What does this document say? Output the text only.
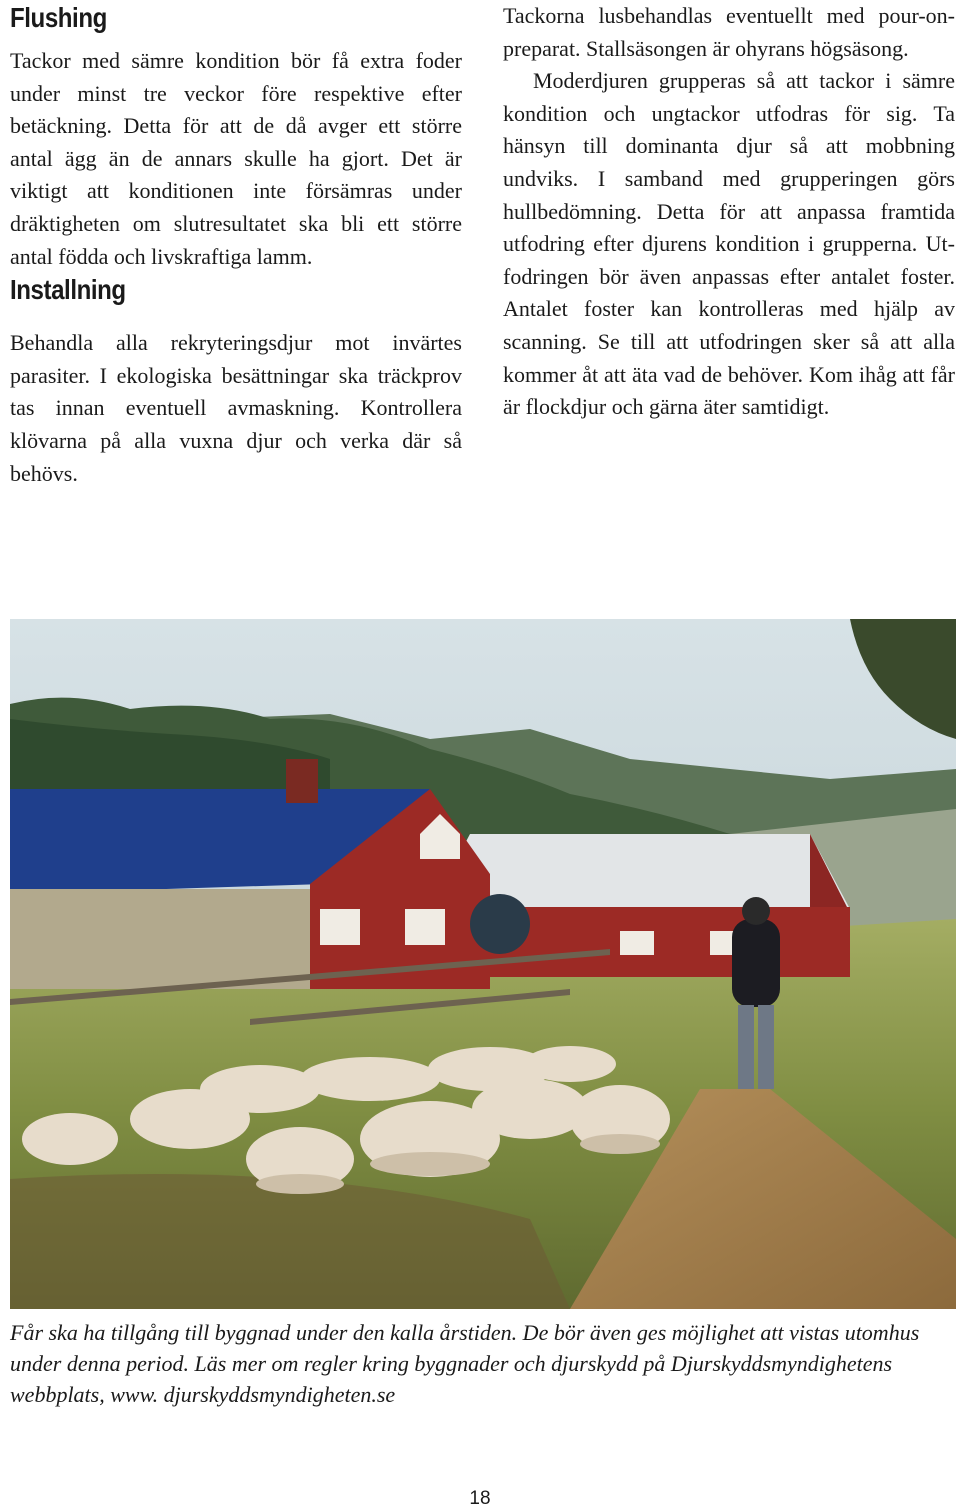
Flushing

Tackor med sämre kondition bör få extra foder under minst tre veckor före respektive efter betäckning. Detta för att de då avger ett större antal ägg än de annars skulle ha gjort. Det är viktigt att konditionen inte försämras under dräktigheten om slutresultatet ska bli ett större antal födda och livskraftiga lamm.

Installning

Behandla alla rekryteringsdjur mot invärtes parasiter. I ekologiska besättningar ska träckprov tas innan eventuell avmaskning. Kontrollera klövarna på alla vuxna djur och verka där så behövs.

Tackorna lusbehandlas eventuellt med pour-on-preparat. Stallsäsongen är ohyrans högsäsong.

Moderdjuren grupperas så att tackor i sämre kondition och ungtackor utfodras för sig. Ta hänsyn till dominanta djur så att mobbning undviks. I samband med grupperingen görs hullbedömning. Detta för att anpassa framtida utfodring efter djurens kondition i grupperna. Utfodringen bör även anpassas efter antalet foster. Antalet foster kan kontrolleras med hjälp av scanning. Se till att utfodringen sker så att alla kommer åt att äta vad de behöver. Kom ihåg att får är flockdjur och gärna äter samtidigt.

Får ska ha tillgång till byggnad under den kalla årstiden. De bör även ges möjlighet att vistas utomhus under denna period. Läs mer om regler kring byggnader och djurskydd på Djurskyddsmyndighetens webbplats, www. djurskyddsmyndigheten.se

18
